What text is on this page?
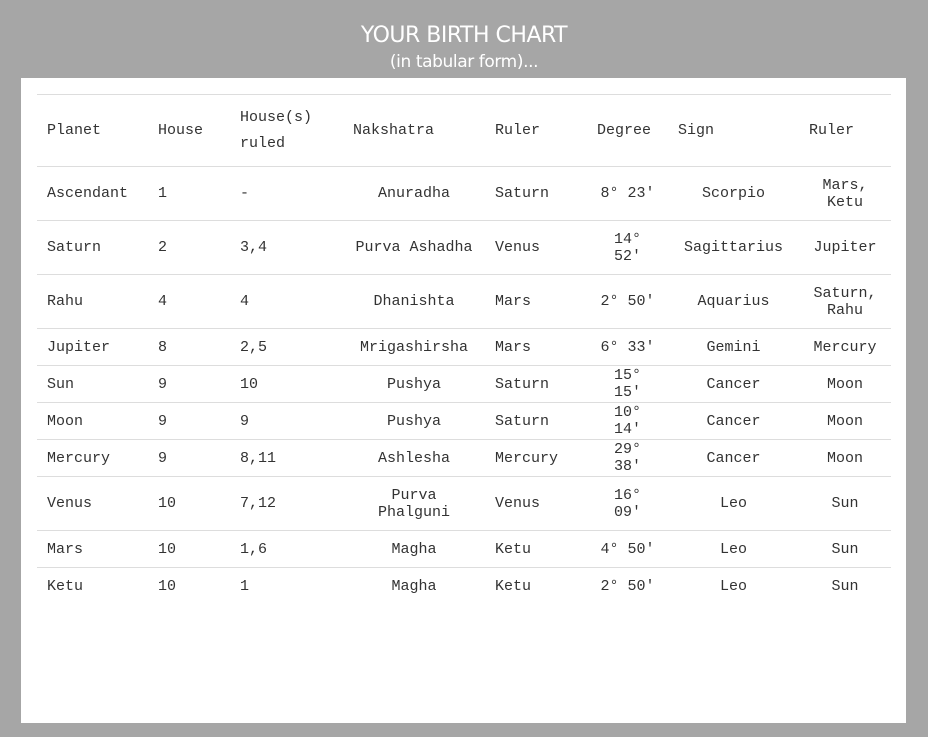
YOUR BIRTH CHART
(in tabular form)...
Planet	House	House(s) ruled	Nakshatra	Ruler	Degree	Sign	Ruler
Ascendant	1	-	Anuradha	Saturn	8° 23′	Scorpio	Mars, Ketu
Saturn	2	3,4	Purva Ashadha	Venus	14° 52′	Sagittarius	Jupiter
Rahu	4	4	Dhanishta	Mars	2° 50′	Aquarius	Saturn, Rahu
Jupiter	8	2,5	Mrigashirsha	Mars	6° 33′	Gemini	Mercury
Sun	9	10	Pushya	Saturn	15° 15′	Cancer	Moon
Moon	9	9	Pushya	Saturn	10° 14′	Cancer	Moon
Mercury	9	8,11	Ashlesha	Mercury	29° 38′	Cancer	Moon
Venus	10	7,12	Purva Phalguni	Venus	16° 09′	Leo	Sun
Mars	10	1,6	Magha	Ketu	4° 50′	Leo	Sun
Ketu	10	1	Magha	Ketu	2° 50′	Leo	Sun
